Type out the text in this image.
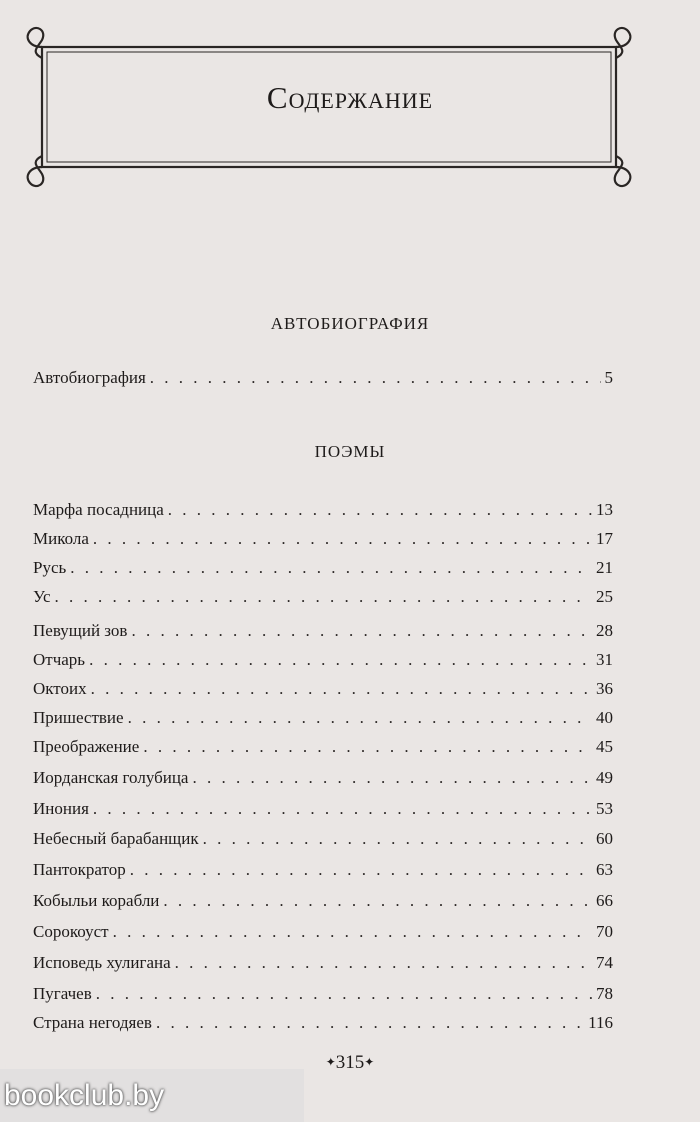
Содержание
АВТОБИОГРАФИЯ
Автобиография . . .	5
ПОЭМЫ
Марфа посадница . . .	13
Микола . . .	17
Русь . . .	21
Ус . . .	25
Певущий зов . . .	28
Отчарь . . .	31
Октоих . . .	36
Пришествие . . .	40
Преображение . . .	45
Иорданская голубица . . .	49
Инония . . .	53
Небесный барабанщик . . .	60
Пантократор . . .	63
Кобыльи корабли . . .	66
Сорокоуст . . .	70
Исповедь хулигана . . .	74
Пугачев . . .	78
Страна негодяев . . .	116
✦315✦
bookclub.by
